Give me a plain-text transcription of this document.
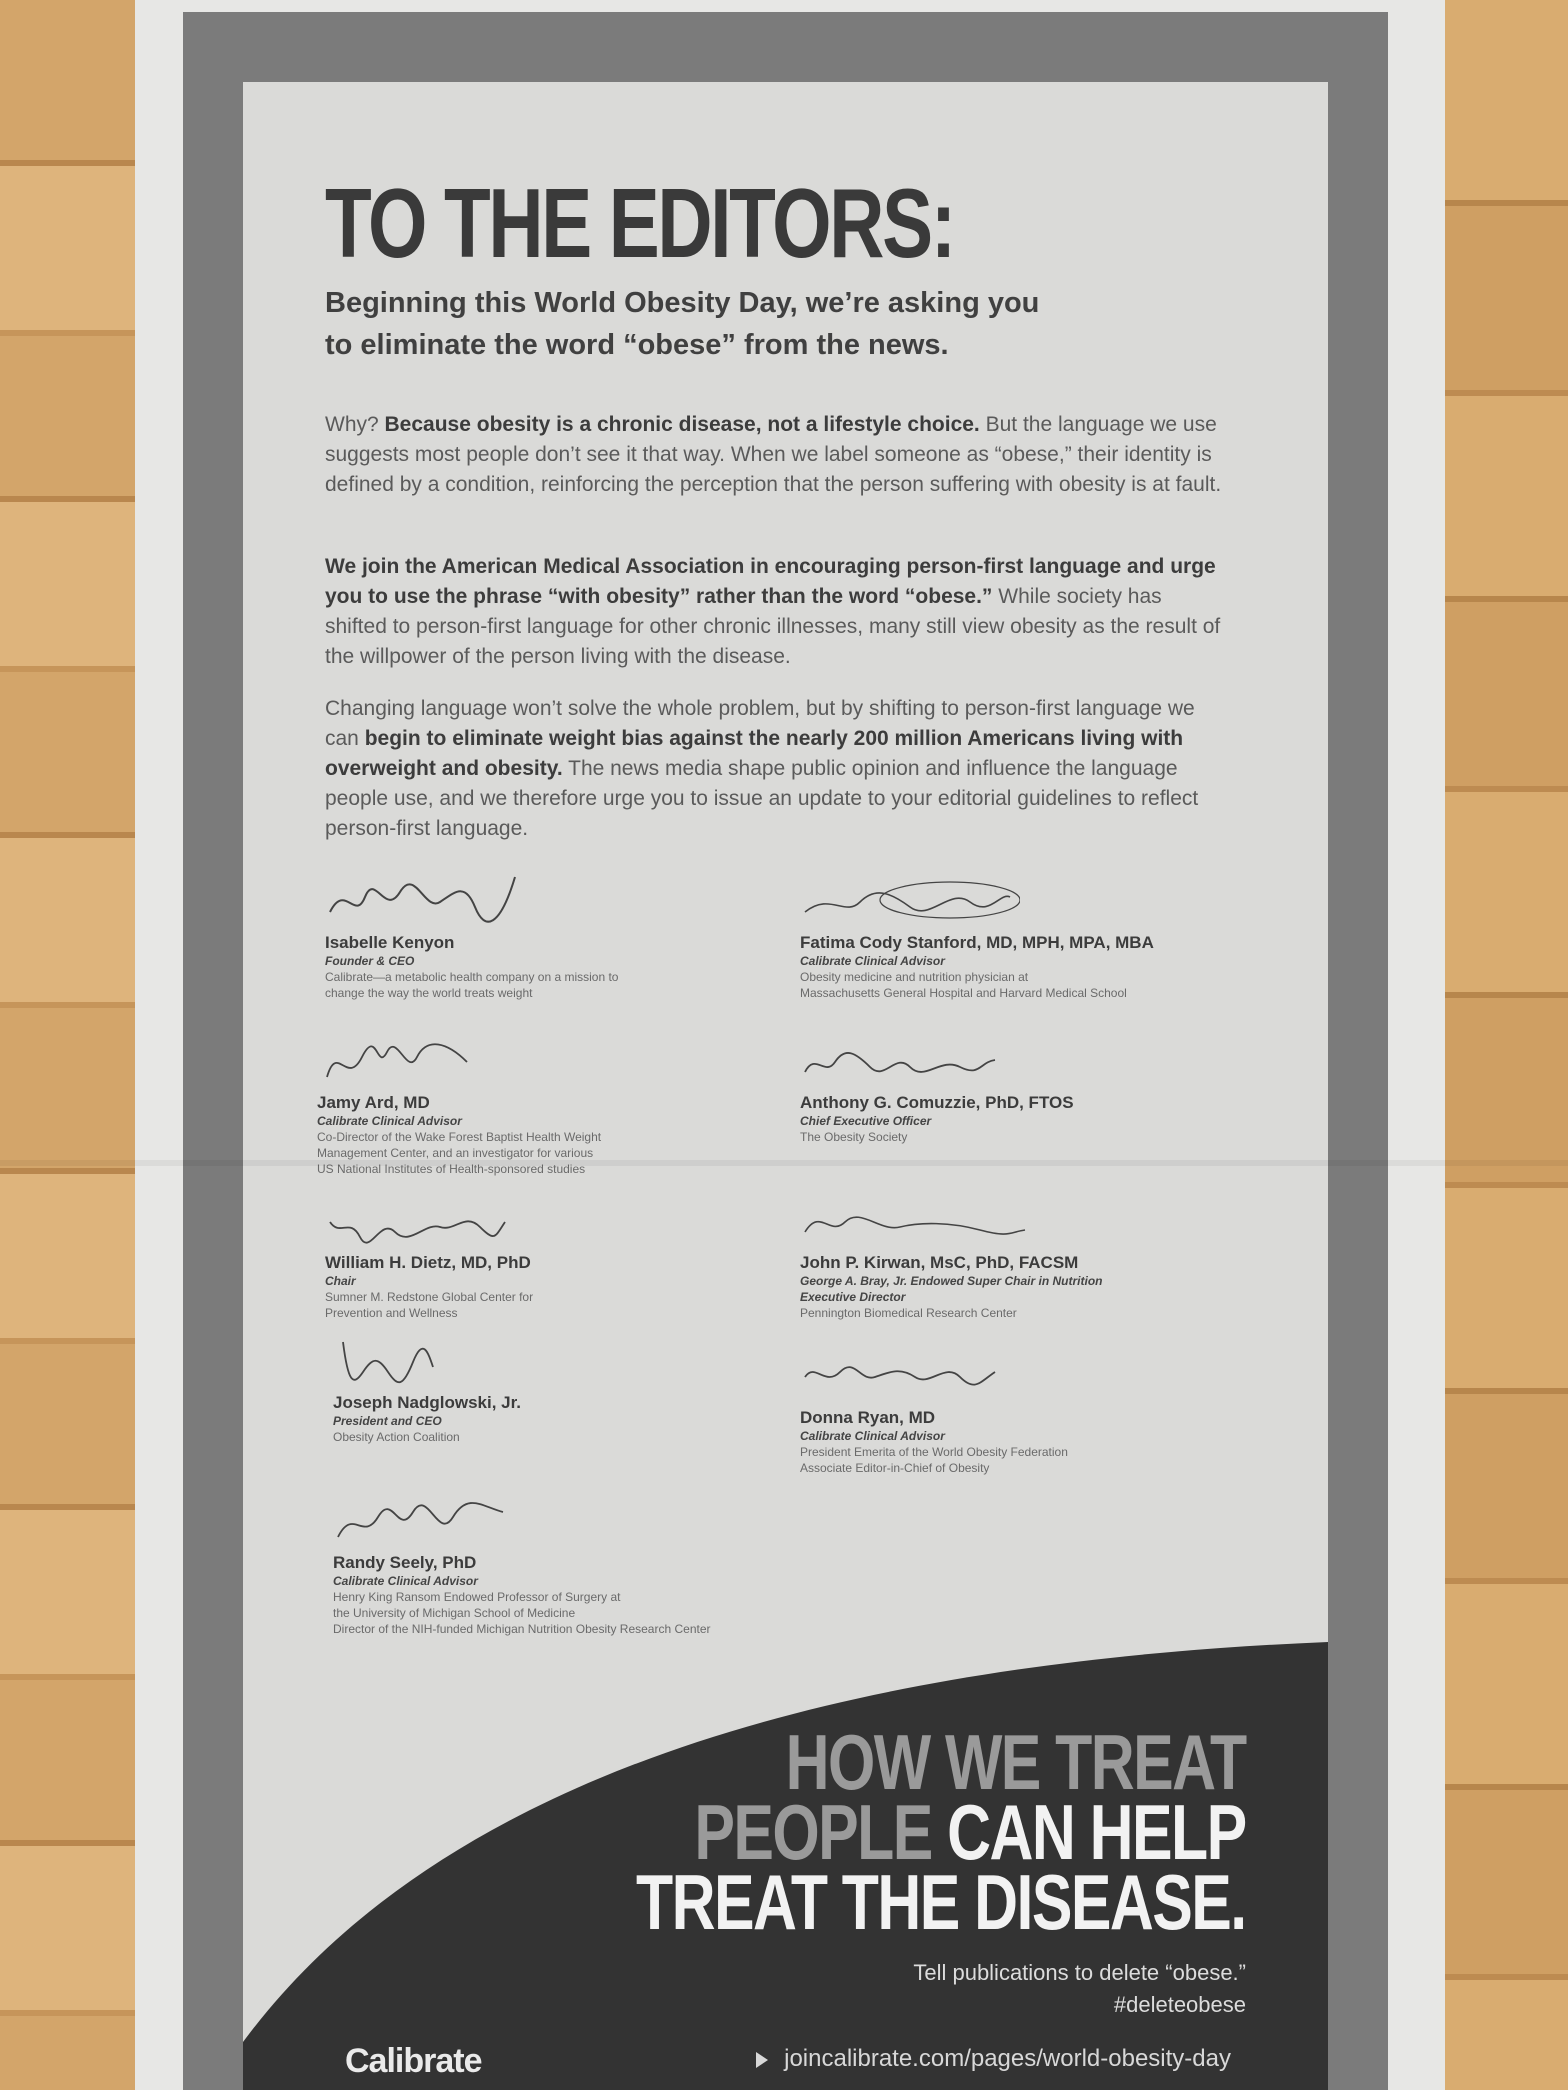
TO THE EDITORS:

Beginning this World Obesity Day, we’re asking you
to eliminate the word “obese” from the news.

Why? Because obesity is a chronic disease, not a lifestyle choice. But the language we use suggests most people don’t see it that way. When we label someone as “obese,” their identity is defined by a condition, reinforcing the perception that the person suffering with obesity is at fault.

We join the American Medical Association in encouraging person-first language and urge you to use the phrase “with obesity” rather than the word “obese.” While society has shifted to person-first language for other chronic illnesses, many still view obesity as the result of the willpower of the person living with the disease.

Changing language won’t solve the whole problem, but by shifting to person-first language we can begin to eliminate weight bias against the nearly 200 million Americans living with overweight and obesity. The news media shape public opinion and influence the language people use, and we therefore urge you to issue an update to your editorial guidelines to reflect person-first language.

Isabelle Kenyon
Founder & CEO
Calibrate—a metabolic health company on a mission to
change the way the world treats weight
Fatima Cody Stanford, MD, MPH, MPA, MBA
Calibrate Clinical Advisor
Obesity medicine and nutrition physician at
Massachusetts General Hospital and Harvard Medical School
Jamy Ard, MD
Calibrate Clinical Advisor
Co-Director of the Wake Forest Baptist Health Weight
Management Center, and an investigator for various
US National Institutes of Health-sponsored studies
Anthony G. Comuzzie, PhD, FTOS
Chief Executive Officer
The Obesity Society
William H. Dietz, MD, PhD
Chair
Sumner M. Redstone Global Center for
Prevention and Wellness
John P. Kirwan, MsC, PhD, FACSM
George A. Bray, Jr. Endowed Super Chair in Nutrition
Executive Director
Pennington Biomedical Research Center
Joseph Nadglowski, Jr.
President and CEO
Obesity Action Coalition
Donna Ryan, MD
Calibrate Clinical Advisor
President Emerita of the World Obesity Federation
Associate Editor-in-Chief of Obesity
Randy Seely, PhD
Calibrate Clinical Advisor
Henry King Ransom Endowed Professor of Surgery at
the University of Michigan School of Medicine
Director of the NIH-funded Michigan Nutrition Obesity Research Center
HOW WE TREAT
PEOPLE CAN HELP
TREAT THE DISEASE.
Tell publications to delete “obese.”
#deleteobese
Calibrate	joincalibrate.com/pages/world-obesity-day
